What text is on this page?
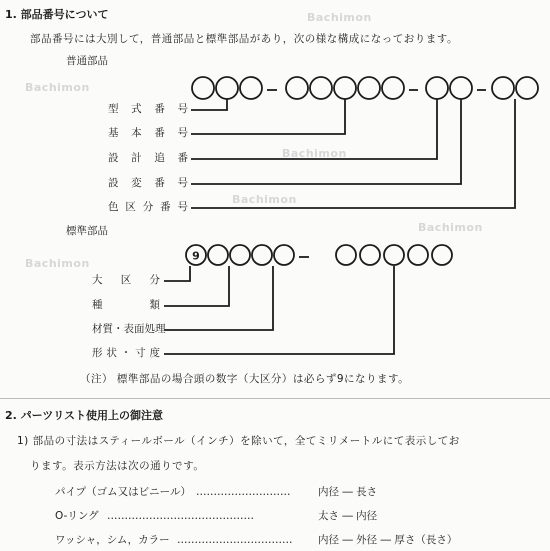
Bachimon
Bachimon
Bachimon
Bachimon
Bachimon
Bachimon
1. 部品番号について
部品番号には大別して，普通部品と標準部品があり，次の様な構成になっております。
普通部品
型 式 番 号
基 本 番 号
設 計 追 番
設 変 番 号
色 区 分 番 号
標準部品
大 区 分
種	類
材質・表面処理
形 状 ・ 寸 度
（注） 標準部品の場合頭の数字（大区分）は必らず9になります。
2. パーツリスト使用上の御注意
1) 部品の寸法はスティールボール（インチ）を除いて，全てミリメートルにて表示してお
ります。表示方法は次の通りです。
パイプ（ゴム又はビニール） ………………………	内径 ― 長さ
O-リング ……………………………………	太さ ― 内径
ワッシャ，シム，カラー …………………………… 内径 ― 外径 ― 厚さ（長さ）
9
